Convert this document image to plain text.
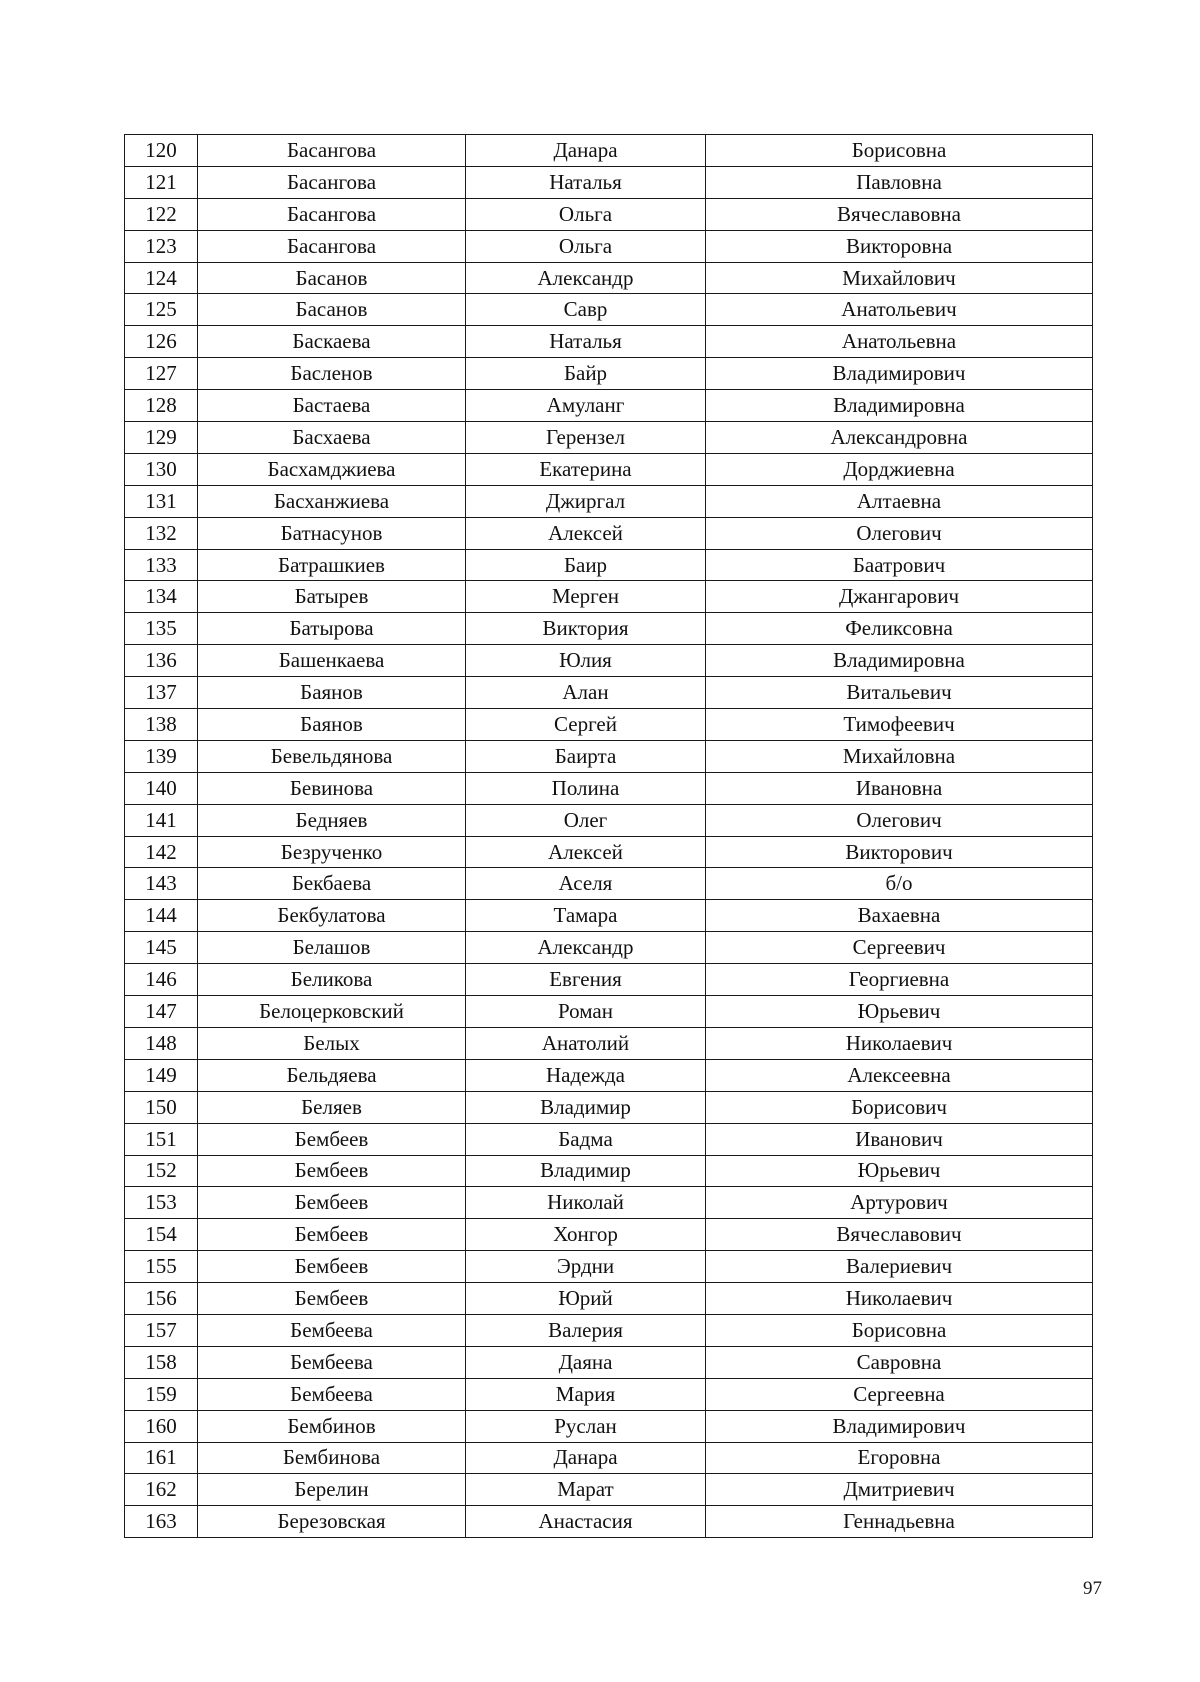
120	Басангова	Данара	Борисовна
121	Басангова	Наталья	Павловна
122	Басангова	Ольга	Вячеславовна
123	Басангова	Ольга	Викторовна
124	Басанов	Александр	Михайлович
125	Басанов	Савр	Анатольевич
126	Баскаева	Наталья	Анатольевна
127	Басленов	Байр	Владимирович
128	Бастаева	Амуланг	Владимировна
129	Басхаева	Герензел	Александровна
130	Басхамджиева	Екатерина	Дорджиевна
131	Басханжиева	Джиргал	Алтаевна
132	Батнасунов	Алексей	Олегович
133	Батрашкиев	Баир	Баатрович
134	Батырев	Мерген	Джангарович
135	Батырова	Виктория	Феликсовна
136	Башенкаева	Юлия	Владимировна
137	Баянов	Алан	Витальевич
138	Баянов	Сергей	Тимофеевич
139	Бевельдянова	Баирта	Михайловна
140	Бевинова	Полина	Ивановна
141	Бедняев	Олег	Олегович
142	Безрученко	Алексей	Викторович
143	Бекбаева	Аселя	б/о
144	Бекбулатова	Тамара	Вахаевна
145	Белашов	Александр	Сергеевич
146	Беликова	Евгения	Георгиевна
147	Белоцерковский	Роман	Юрьевич
148	Белых	Анатолий	Николаевич
149	Бельдяева	Надежда	Алексеевна
150	Беляев	Владимир	Борисович
151	Бембеев	Бадма	Иванович
152	Бембеев	Владимир	Юрьевич
153	Бембеев	Николай	Артурович
154	Бембеев	Хонгор	Вячеславович
155	Бембеев	Эрдни	Валериевич
156	Бембеев	Юрий	Николаевич
157	Бембеева	Валерия	Борисовна
158	Бембеева	Даяна	Савровна
159	Бембеева	Мария	Сергеевна
160	Бембинов	Руслан	Владимирович
161	Бембинова	Данара	Егоровна
162	Берелин	Марат	Дмитриевич
163	Березовская	Анастасия	Геннадьевна
97
